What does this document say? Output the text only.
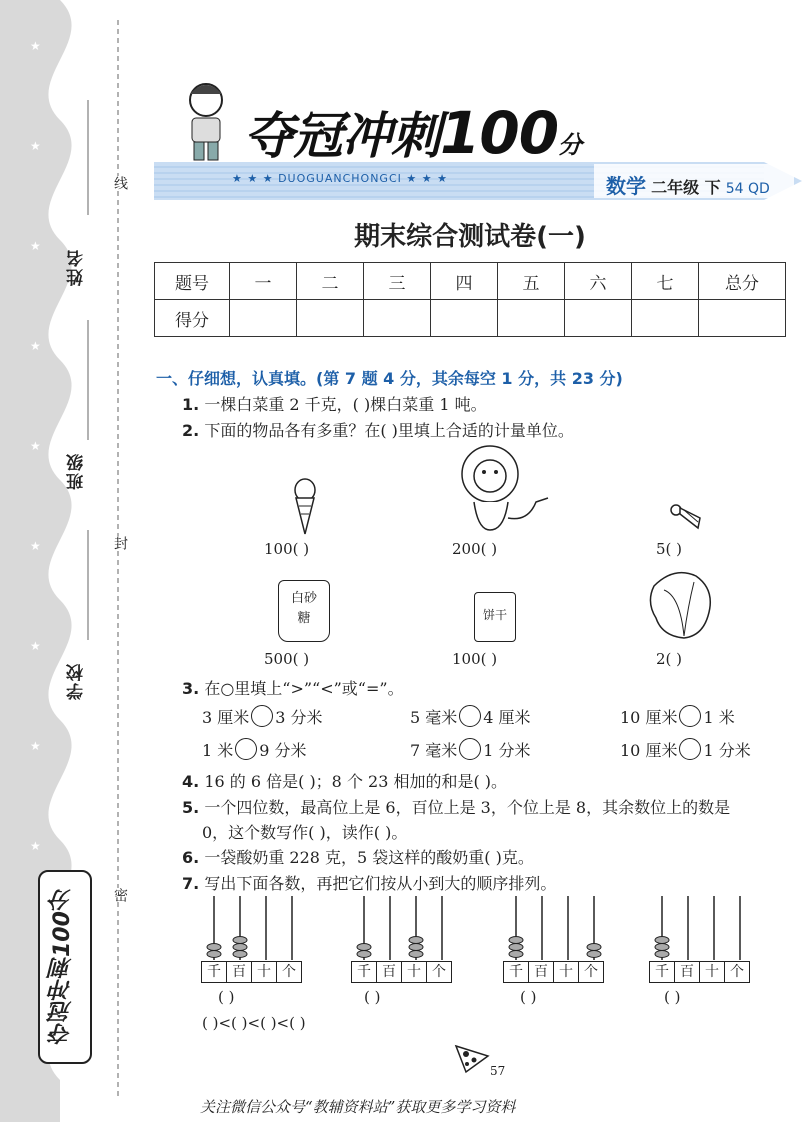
★
★
★
★
★
★
★
★
★
姓名
班级
学校
线
封
密
夺冠冲刺100分
夺冠冲刺100分
★ ★ ★ DUOGUANCHONGCI ★ ★ ★	数学 二年级 下 54 QD
期末综合测试卷(一)
题号	一	二	三	四	五	六	七	总分
得分								
一、仔细想，认真填。(第 7 题 4 分，其余每空 1 分，共 23 分)
1. 一棵白菜重 2 千克，( )棵白菜重 1 吨。
2. 下面的物品各有多重？在( )里填上合适的计量单位。
100( )	200( )	5( )
白砂糖	饼干
500( )	100( )	2( )
3. 在○里填上“>”“<”或“=”。
3 厘米 3 分米	5 毫米 4 厘米	10 厘米 1 米
1 米 9 分米	7 毫米 1 分米	10 厘米 1 分米
4. 16 的 6 倍是( )；8 个 23 相加的和是( )。
5. 一个四位数，最高位上是 6，百位上是 3，个位上是 8，其余数位上的数是
0，这个数写作( )，读作( )。
6. 一袋酸奶重 228 克，5 袋这样的酸奶重( )克。
7. 写出下面各数，再把它们按从小到大的顺序排列。
千 百 十 个	千 百 十 个	千 百 十 个	千 百 十 个
( )	( )	( )	( )
( )<( )<( )<( )
57
关注微信公众号“教辅资料站”获取更多学习资料
